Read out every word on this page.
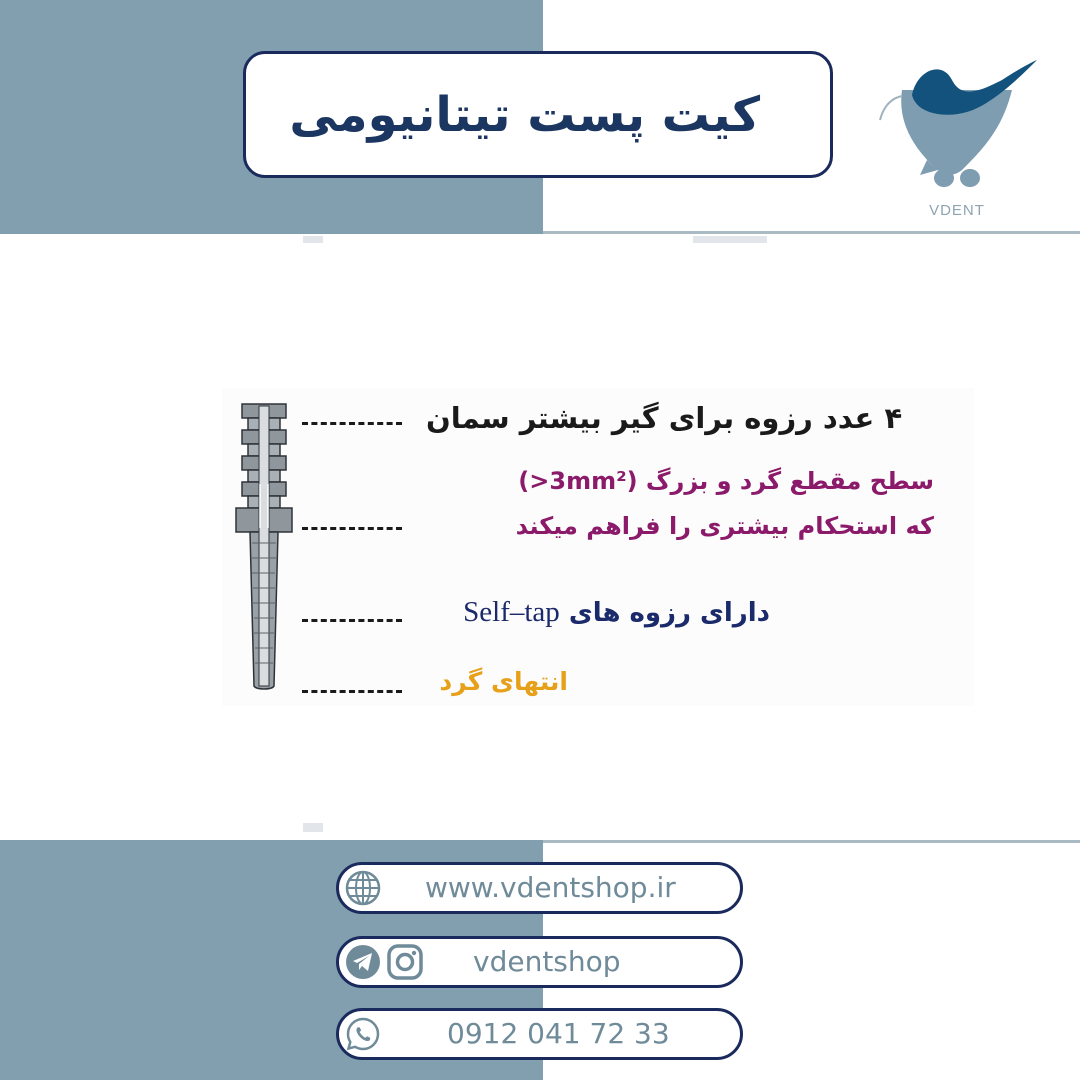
کیت پست تیتانیومی
VDENT
۴ عدد رزوه برای گیر بیشتر سمان
سطح مقطع گرد و بزرگ (3mm²<)
که استحکام بیشتری را فراهم میکند
دارای رزوه های Self–tap
انتهای گرد
www.vdentshop.ir
vdentshop
0912 041 72 33
